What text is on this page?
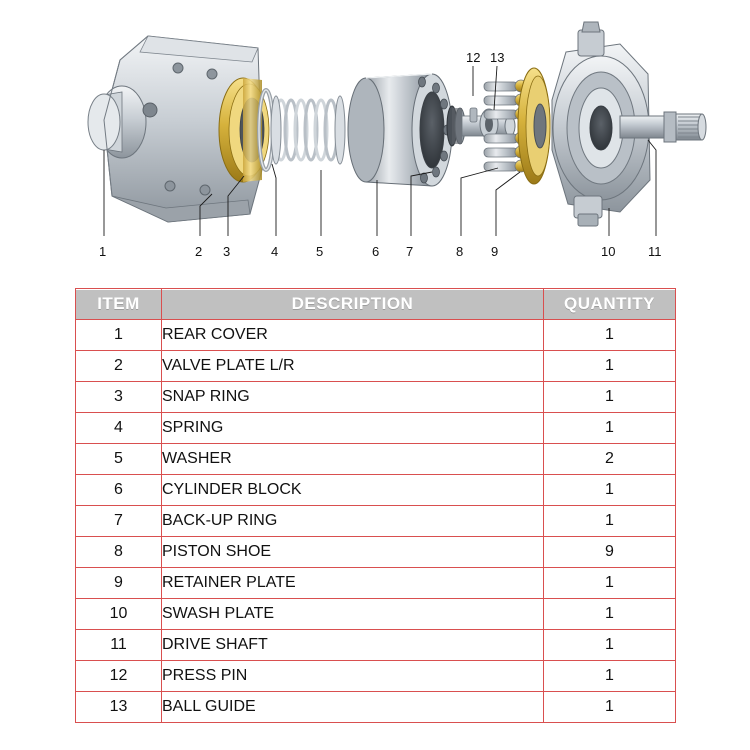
12 13
1	2 3	4	5	6 7	8 9	10	11
ITEM	DESCRIPTION	QUANTITY

1	REAR COVER	1
2	VALVE PLATE L/R	1
3	SNAP RING	1
4	SPRING	1
5	WASHER	2
6	CYLINDER BLOCK	1
7	BACK-UP RING	1
8	PISTON SHOE	9
9	RETAINER PLATE	1
10	SWASH PLATE	1
11	DRIVE SHAFT	1
12	PRESS PIN	1
13	BALL GUIDE	1
